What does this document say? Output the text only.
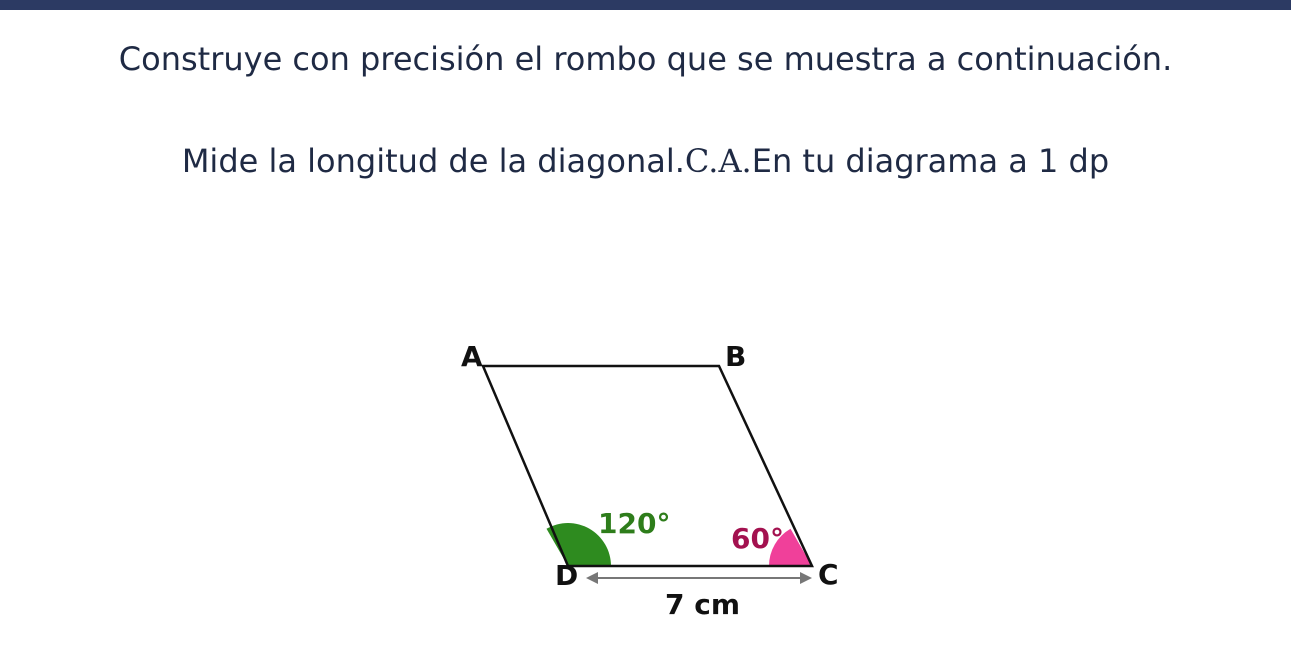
Construye con precisión el rombo que se muestra a continuación.
Mide la longitud de la diagonal.C.A.En tu diagrama a 1 dp
A	B
C
D
120° 60°
7 cm
